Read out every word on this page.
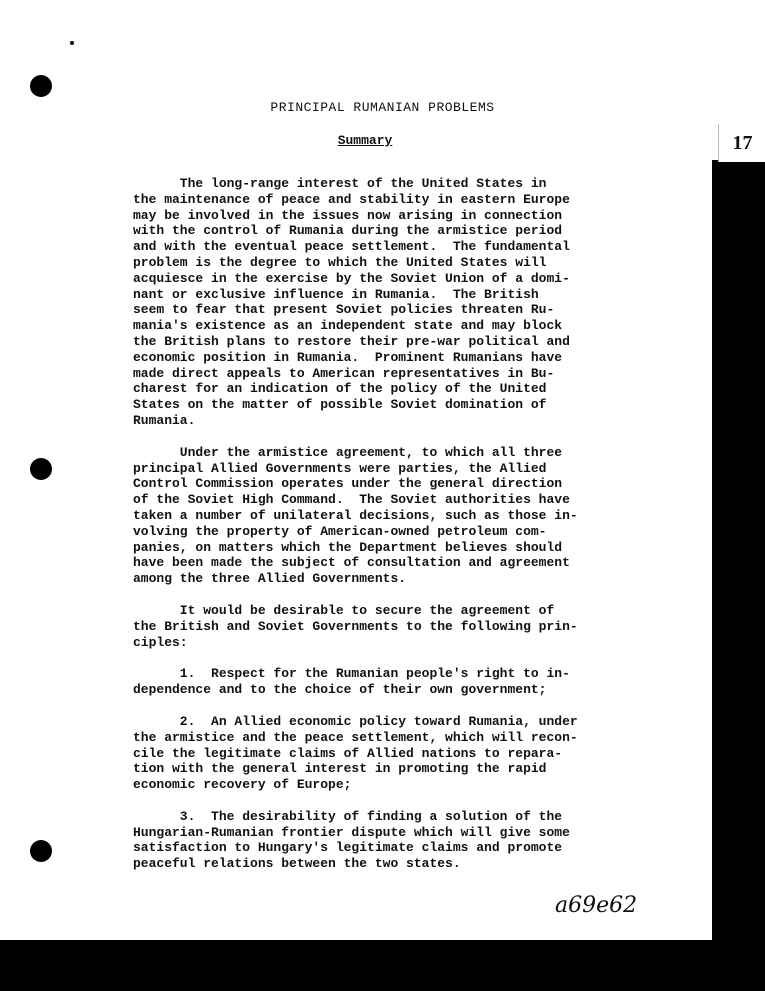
17
PRINCIPAL RUMANIAN PROBLEMS
Summary

The long-range interest of the United States in
the maintenance of peace and stability in eastern Europe
may be involved in the issues now arising in connection
with the control of Rumania during the armistice period
and with the eventual peace settlement.  The fundamental
problem is the degree to which the United States will
acquiesce in the exercise by the Soviet Union of a domi-
nant or exclusive influence in Rumania.  The British
seem to fear that present Soviet policies threaten Ru-
mania's existence as an independent state and may block
the British plans to restore their pre-war political and
economic position in Rumania.  Prominent Rumanians have
made direct appeals to American representatives in Bu-
charest for an indication of the policy of the United
States on the matter of possible Soviet domination of
Rumania.

Under the armistice agreement, to which all three
principal Allied Governments were parties, the Allied
Control Commission operates under the general direction
of the Soviet High Command.  The Soviet authorities have
taken a number of unilateral decisions, such as those in-
volving the property of American-owned petroleum com-
panies, on matters which the Department believes should
have been made the subject of consultation and agreement
among the three Allied Governments.

It would be desirable to secure the agreement of
the British and Soviet Governments to the following prin-
ciples:

1.  Respect for the Rumanian people's right to in-
dependence and to the choice of their own government;

2.  An Allied economic policy toward Rumania, under
the armistice and the peace settlement, which will recon-
cile the legitimate claims of Allied nations to repara-
tion with the general interest in promoting the rapid
economic recovery of Europe;

3.  The desirability of finding a solution of the
Hungarian-Rumanian frontier dispute which will give some
satisfaction to Hungary's legitimate claims and promote
peaceful relations between the two states.

a69e62
